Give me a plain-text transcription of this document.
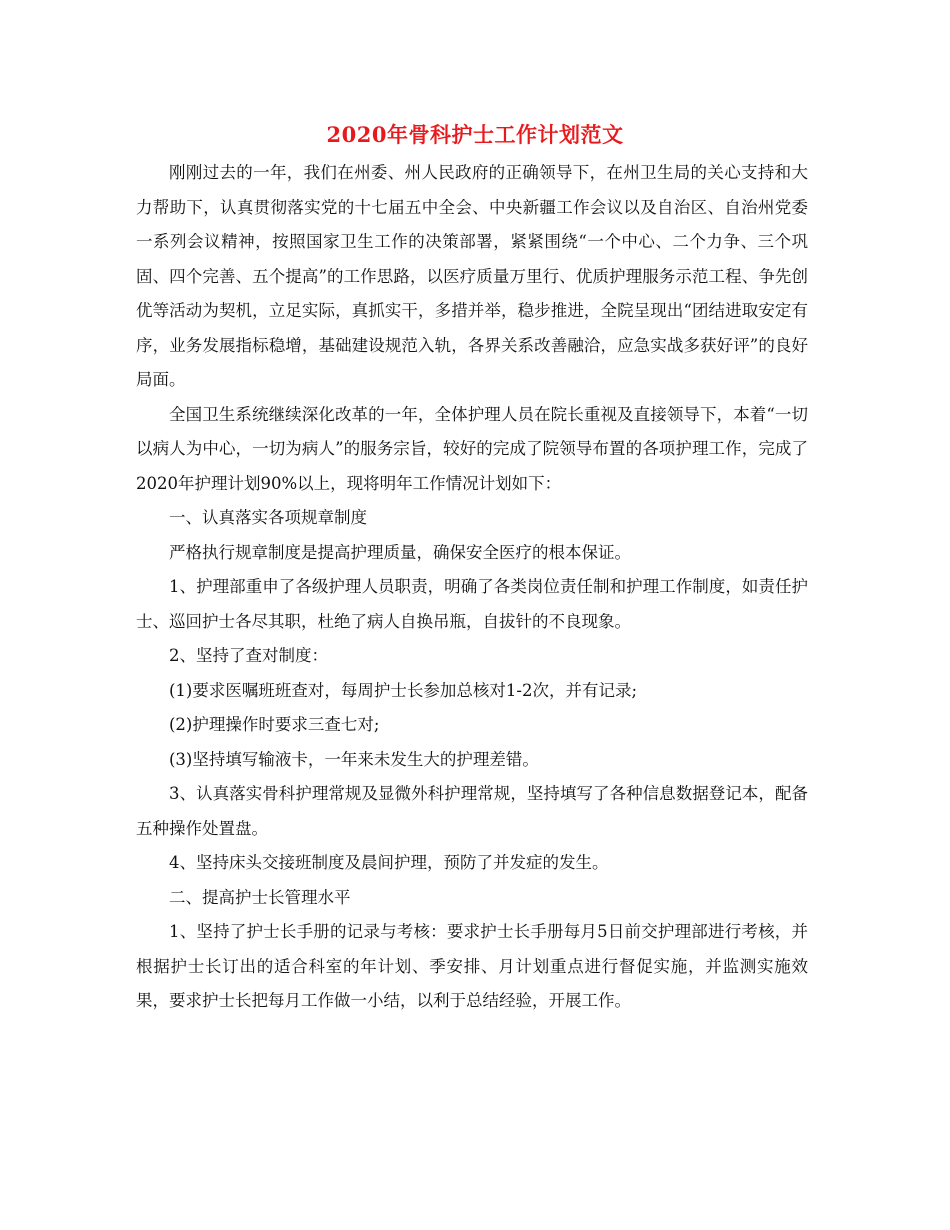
2020年骨科护士工作计划范文

刚刚过去的一年，我们在州委、州人民政府的正确领导下，在州卫生局的关心支持和大力帮助下，认真贯彻落实党的十七届五中全会、中央新疆工作会议以及自治区、自治州党委一系列会议精神，按照国家卫生工作的决策部署，紧紧围绕“一个中心、二个力争、三个巩固、四个完善、五个提高”的工作思路，以医疗质量万里行、优质护理服务示范工程、争先创优等活动为契机，立足实际，真抓实干，多措并举，稳步推进，全院呈现出“团结进取安定有序，业务发展指标稳增，基础建设规范入轨，各界关系改善融洽，应急实战多获好评”的良好局面。

全国卫生系统继续深化改革的一年，全体护理人员在院长重视及直接领导下，本着“一切以病人为中心，一切为病人”的服务宗旨，较好的完成了院领导布置的各项护理工作，完成了2020年护理计划90%以上，现将明年工作情况计划如下：

一、认真落实各项规章制度

严格执行规章制度是提高护理质量，确保安全医疗的根本保证。

1、护理部重申了各级护理人员职责，明确了各类岗位责任制和护理工作制度，如责任护士、巡回护士各尽其职，杜绝了病人自换吊瓶，自拔针的不良现象。

2、坚持了查对制度：

(1)要求医嘱班班查对，每周护士长参加总核对1-2次，并有记录;

(2)护理操作时要求三查七对;

(3)坚持填写输液卡，一年来未发生大的护理差错。

3、认真落实骨科护理常规及显微外科护理常规，坚持填写了各种信息数据登记本，配备五种操作处置盘。

4、坚持床头交接班制度及晨间护理，预防了并发症的发生。

二、提高护士长管理水平

1、坚持了护士长手册的记录与考核：要求护士长手册每月5日前交护理部进行考核，并根据护士长订出的适合科室的年计划、季安排、月计划重点进行督促实施，并监测实施效果，要求护士长把每月工作做一小结，以利于总结经验，开展工作。
